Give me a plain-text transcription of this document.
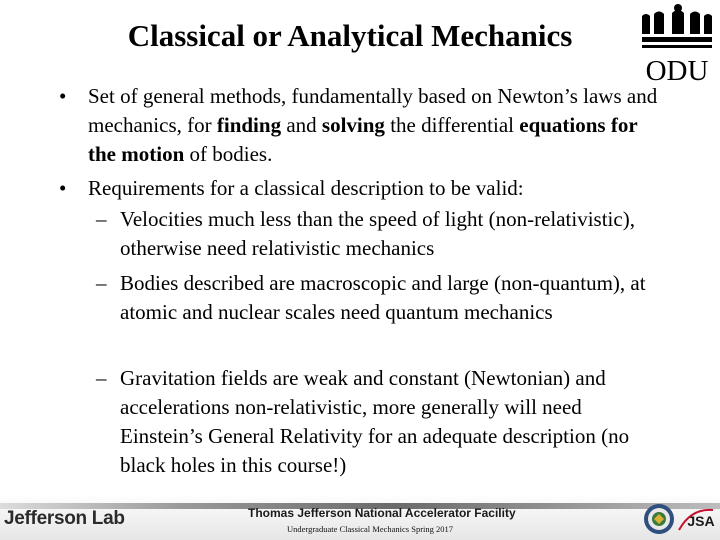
Classical or Analytical Mechanics
ODU
• Set of general methods, fundamentally based on Newton’s laws and mechanics, for finding and solving the differential equations for the motion of bodies.
• Requirements for a classical description to be valid:
– Velocities much less than the speed of light (non-relativistic), otherwise need relativistic mechanics
– Bodies described are macroscopic and large (non-quantum), at atomic and nuclear scales need quantum mechanics
– Gravitation fields are weak and constant (Newtonian) and accelerations non-relativistic, more generally will need Einstein’s General Relativity for an adequate description (no black holes in this course!)
Jefferson Lab	Thomas Jefferson National Accelerator Facility
Undergraduate Classical Mechanics Spring 2017	JSA
